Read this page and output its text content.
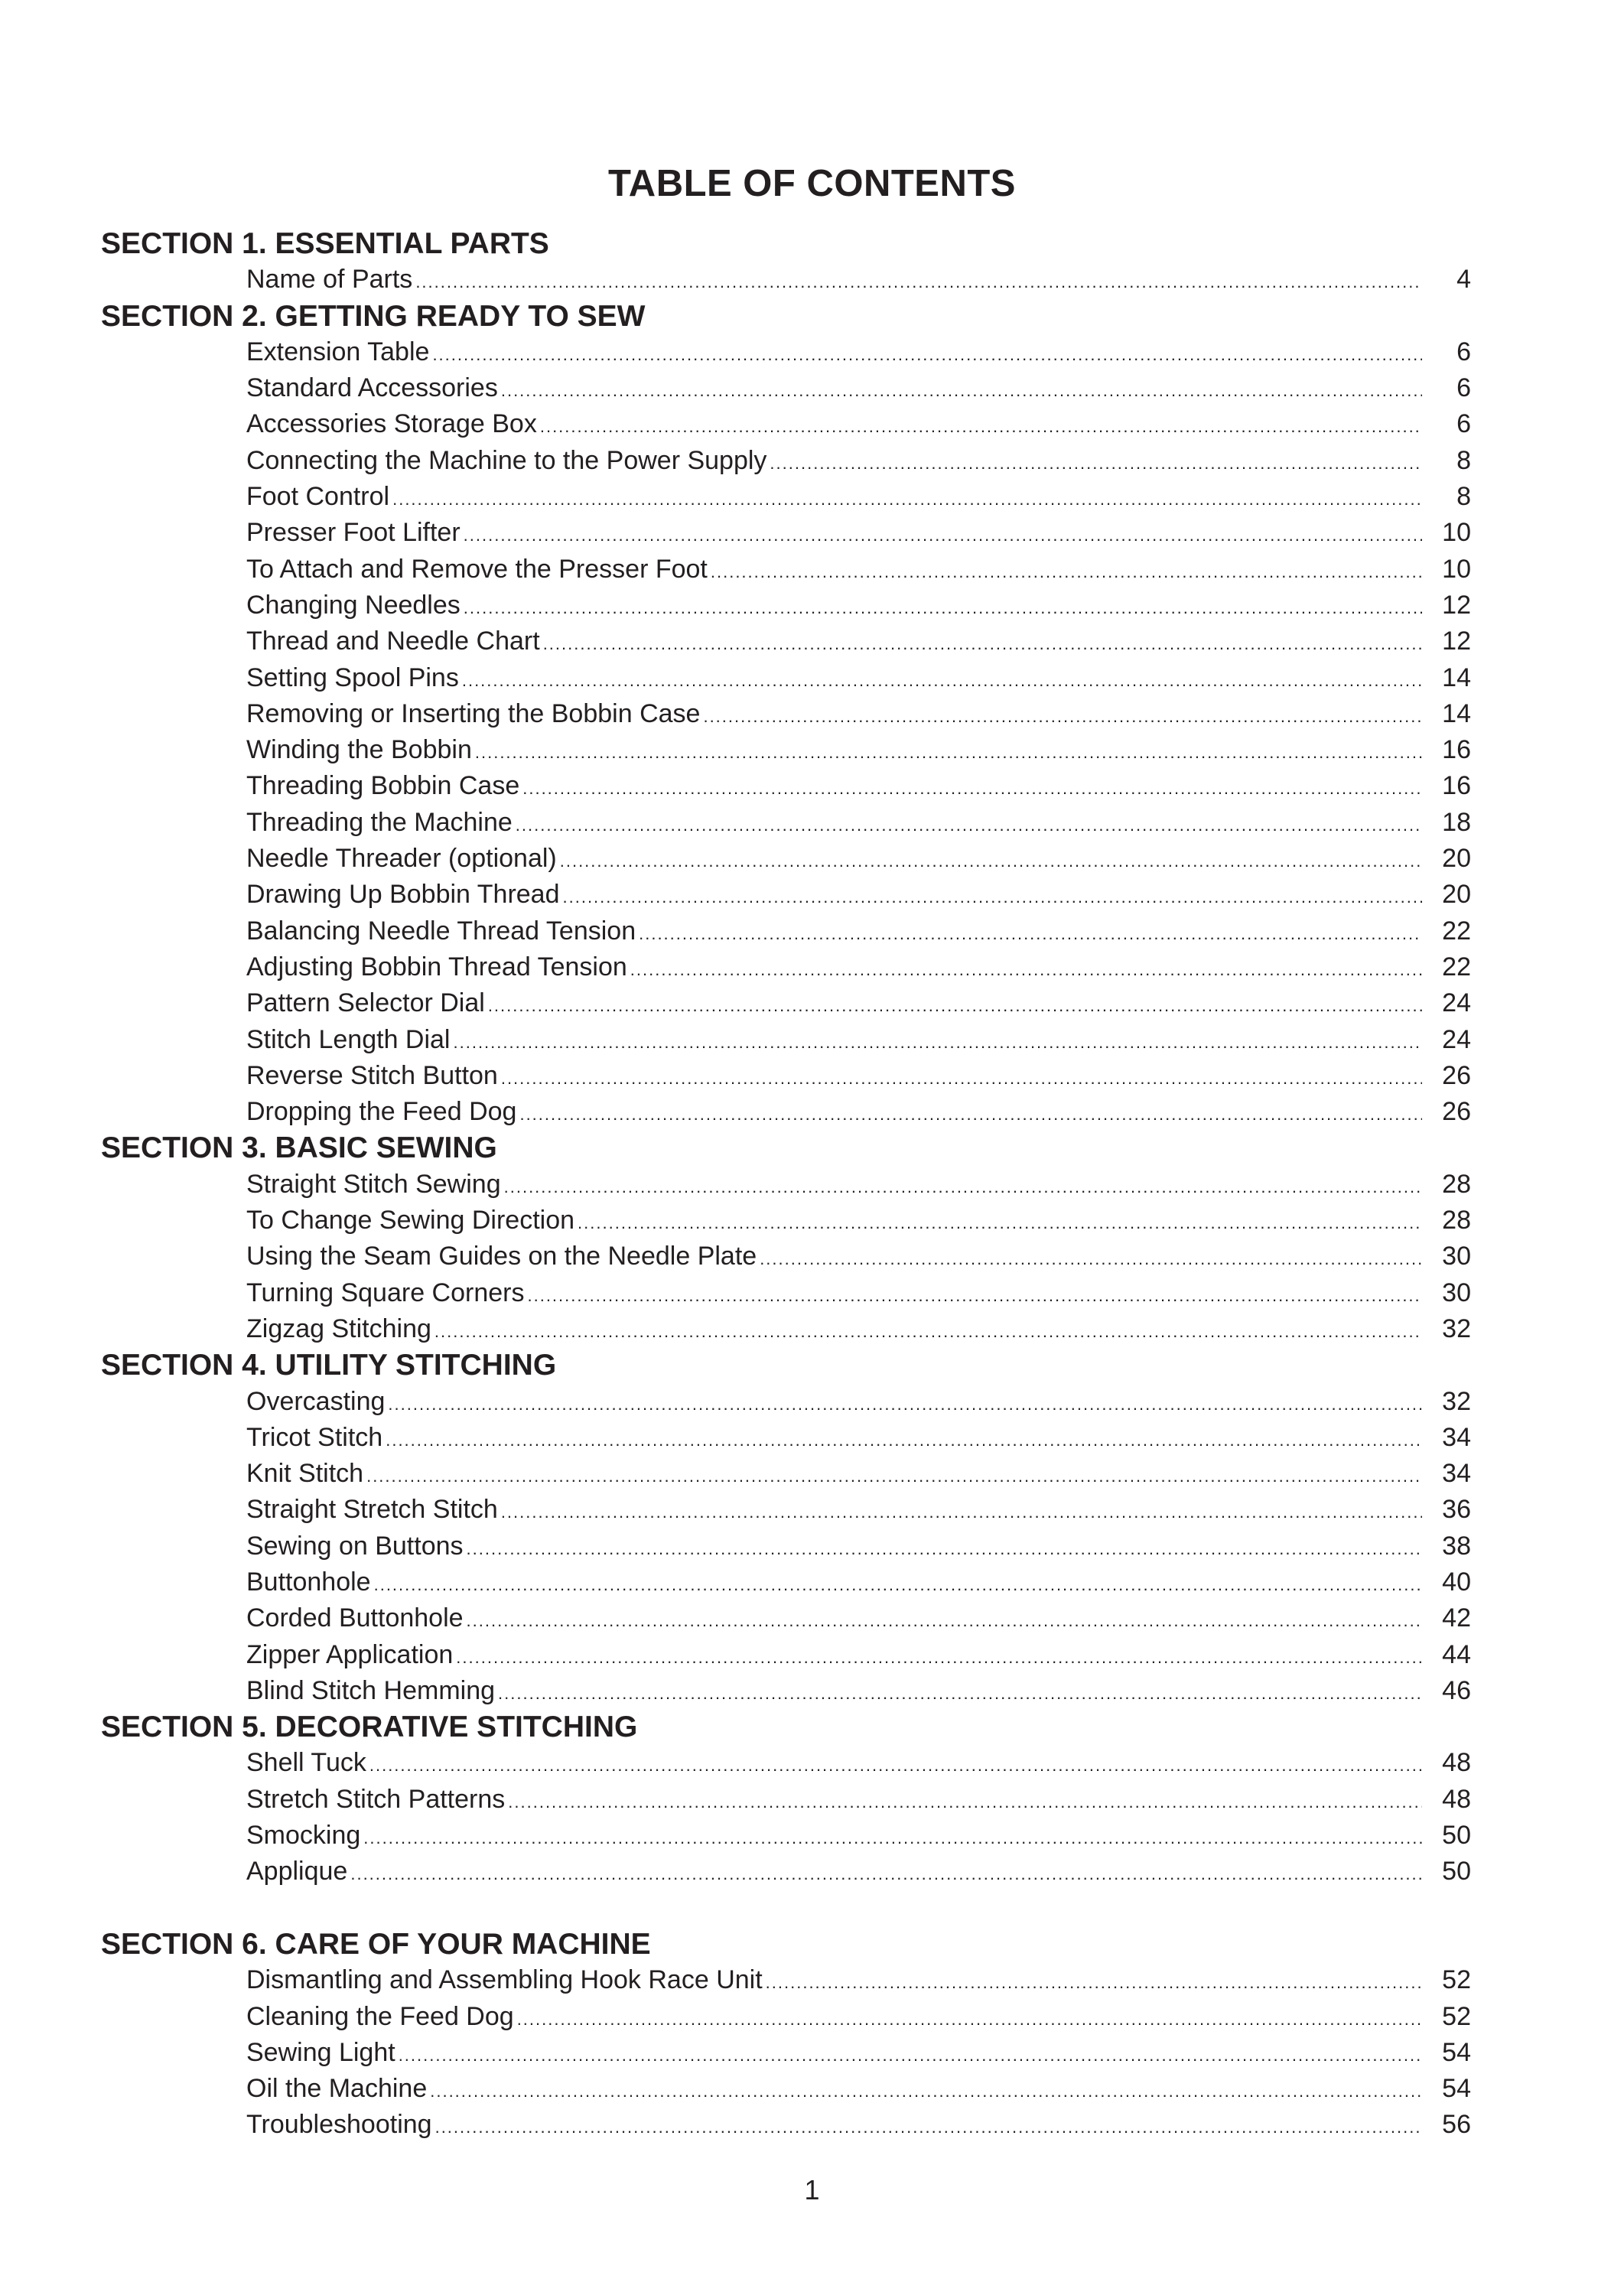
TABLE OF CONTENTS
SECTION 1. ESSENTIAL PARTS
Name of Parts .....	4
SECTION 2. GETTING READY TO SEW
Extension Table .....	6
Standard Accessories .....	6
Accessories Storage Box .....	6
Connecting the Machine to the Power Supply .....	8
Foot Control .....	8
Presser Foot Lifter .....	10
To Attach and Remove the Presser Foot .....	10
Changing Needles .....	12
Thread and Needle Chart .....	12
Setting Spool Pins .....	14
Removing or Inserting the Bobbin Case .....	14
Winding the Bobbin .....	16
Threading Bobbin Case .....	16
Threading the Machine .....	18
Needle Threader (optional) .....	20
Drawing Up Bobbin Thread .....	20
Balancing Needle Thread Tension .....	22
Adjusting Bobbin Thread Tension .....	22
Pattern Selector Dial .....	24
Stitch Length Dial .....	24
Reverse Stitch Button .....	26
Dropping the Feed Dog .....	26
SECTION 3. BASIC SEWING
Straight Stitch Sewing .....	28
To Change Sewing Direction .....	28
Using the Seam Guides on the Needle Plate .....	30
Turning Square Corners .....	30
Zigzag Stitching .....	32
SECTION 4. UTILITY STITCHING
Overcasting .....	32
Tricot Stitch .....	34
Knit Stitch .....	34
Straight Stretch Stitch .....	36
Sewing on Buttons .....	38
Buttonhole .....	40
Corded Buttonhole .....	42
Zipper Application .....	44
Blind Stitch Hemming .....	46
SECTION 5. DECORATIVE STITCHING
Shell Tuck .....	48
Stretch Stitch Patterns .....	48
Smocking .....	50
Applique .....	50
SECTION 6. CARE OF YOUR MACHINE
Dismantling and Assembling Hook Race Unit .....	52
Cleaning the Feed Dog .....	52
Sewing Light .....	54
Oil the Machine .....	54
Troubleshooting .....	56
1
